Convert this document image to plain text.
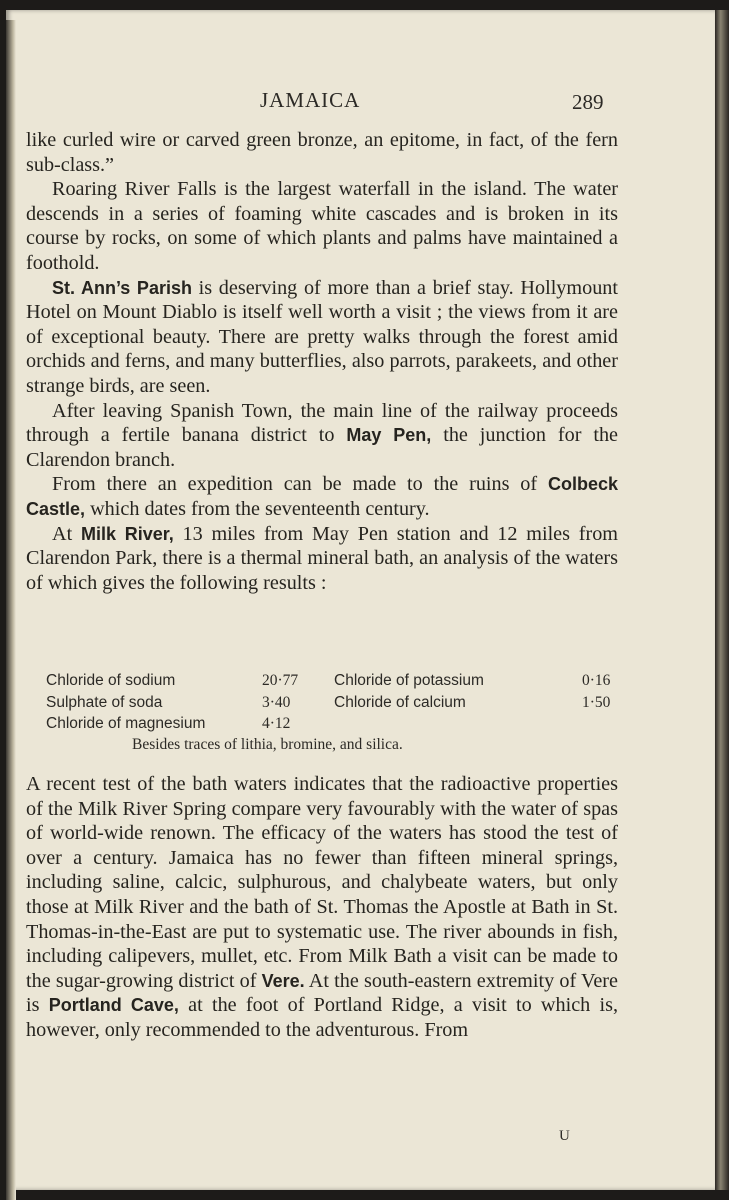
JAMAICA	289

like curled wire or carved green bronze, an epitome, in fact, of the fern sub-class.”

Roaring River Falls is the largest waterfall in the island. The water descends in a series of foaming white cascades and is broken in its course by rocks, on some of which plants and palms have maintained a foothold.

St. Ann’s Parish is deserving of more than a brief stay. Hollymount Hotel on Mount Diablo is itself well worth a visit ; the views from it are of exceptional beauty. There are pretty walks through the forest amid orchids and ferns, and many butterflies, also parrots, parakeets, and other strange birds, are seen.

After leaving Spanish Town, the main line of the railway proceeds through a fertile banana district to May Pen, the junction for the Clarendon branch.

From there an expedition can be made to the ruins of Colbeck Castle, which dates from the seventeenth century.

At Milk River, 13 miles from May Pen station and 12 miles from Clarendon Park, there is a thermal mineral bath, an analysis of the waters of which gives the following results :

Chloride of sodium	20·77 Chloride of potassium	0·16
Sulphate of soda	3·40	Chloride of calcium	1·50
Chloride of magnesium	4·12
Besides traces of lithia, bromine, and silica.

A recent test of the bath waters indicates that the radioactive properties of the Milk River Spring compare very favourably with the water of spas of world-wide renown. The efficacy of the waters has stood the test of over a century. Jamaica has no fewer than fifteen mineral springs, including saline, calcic, sulphurous, and chalybeate waters, but only those at Milk River and the bath of St. Thomas the Apostle at Bath in St. Thomas-in-the-East are put to systematic use. The river abounds in fish, including calipevers, mullet, etc. From Milk Bath a visit can be made to the sugar-growing district of Vere. At the south-eastern extremity of Vere is Portland Cave, at the foot of Portland Ridge, a visit to which is, however, only recommended to the adventurous. From

U
